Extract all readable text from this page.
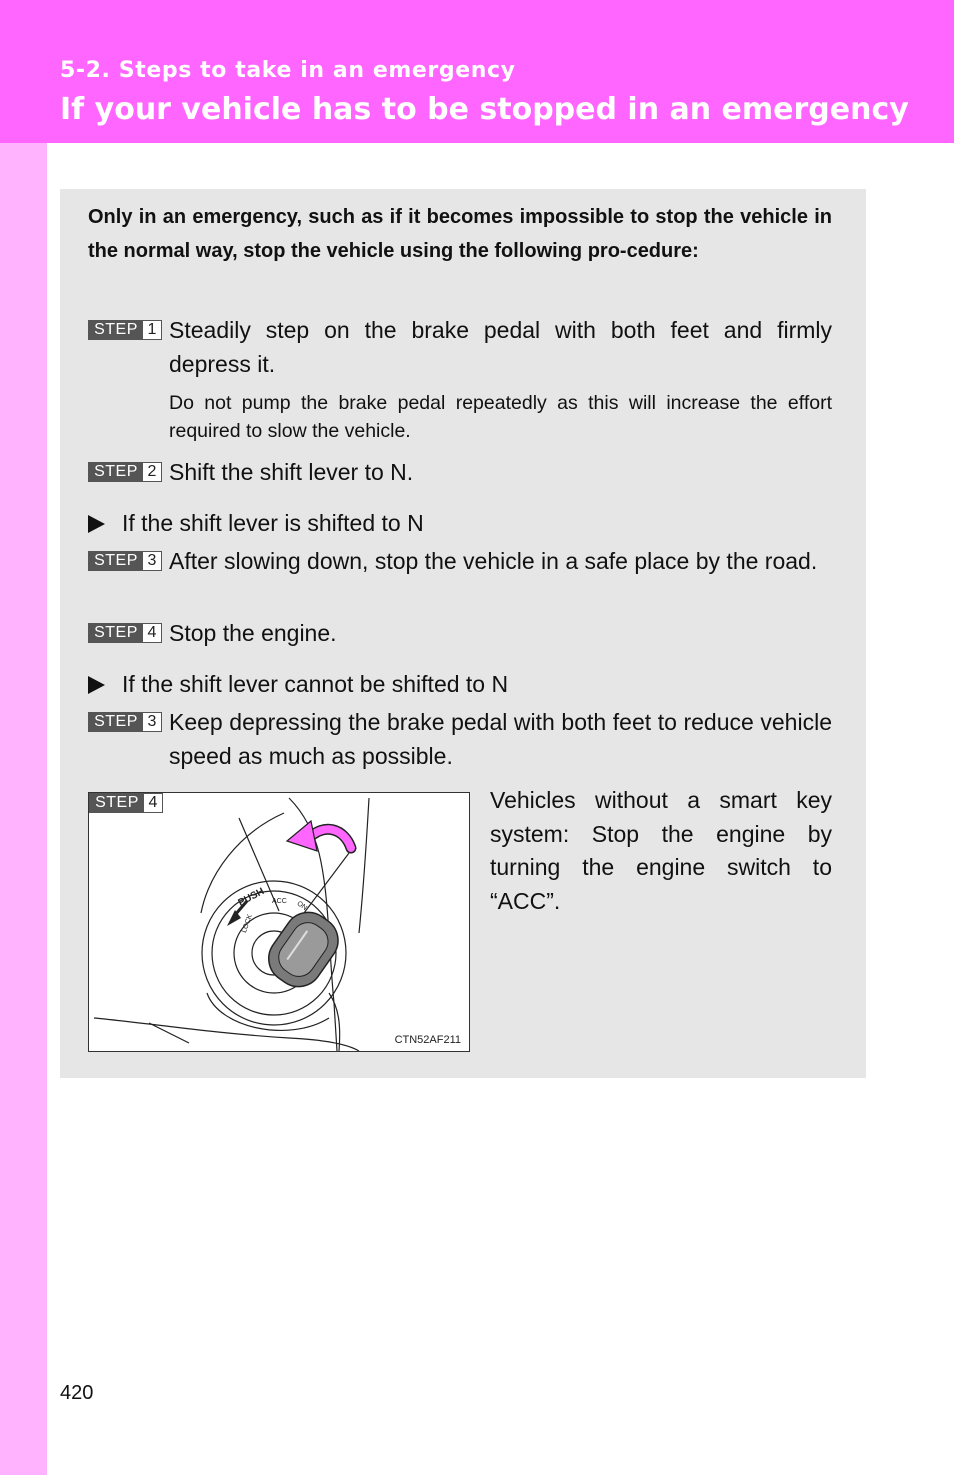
5-2. Steps to take in an emergency
If your vehicle has to be stopped in an emergency
Only in an emergency, such as if it becomes impossible to stop the vehicle in the normal way, stop the vehicle using the following pro-cedure:
STEP 1 Steadily step on the brake pedal with both feet and firmly depress it.
Do not pump the brake pedal repeatedly as this will increase the effort required to slow the vehicle.
STEP 2 Shift the shift lever to N.
If the shift lever is shifted to N
STEP 3 After slowing down, stop the vehicle in a safe place by the road.
STEP 4 Stop the engine.
If the shift lever cannot be shifted to N
STEP 3 Keep depressing the brake pedal with both feet to reduce vehicle speed as much as possible.
PUSH
LOCK
ACC ON
STEP 4
CTN52AF211
Vehicles without a smart key system: Stop the engine by turning the engine switch to “ACC”.
420
